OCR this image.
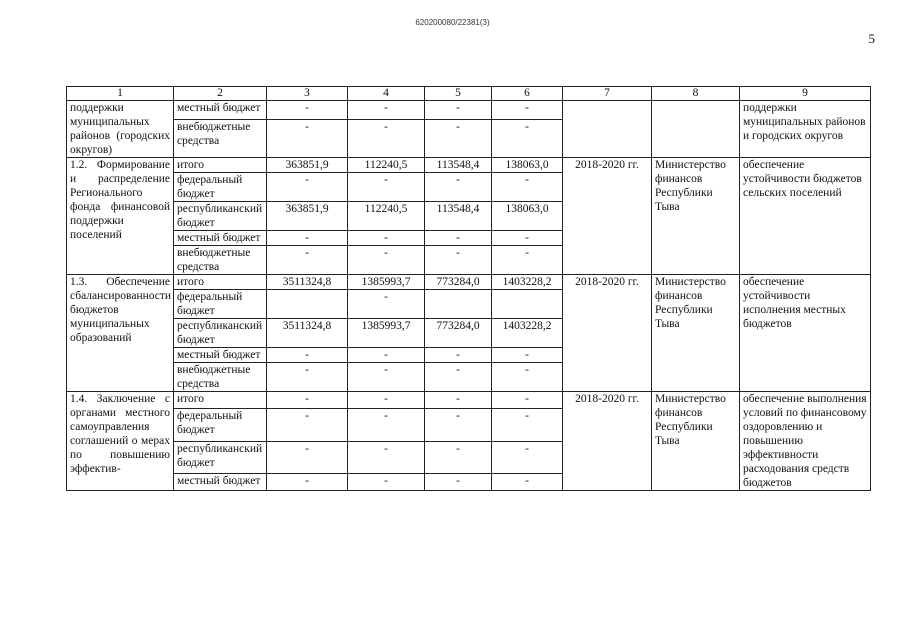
620200080/22381(3)
5
1	2	3	4	5	6	7	8	9
поддержки муниципальных районов (городских округов)	местный бюджет	-	-	-	-			поддержки муниципальных районов и городских округов
	внебюджетные средства	-	-	-	-			
1.2. Формирование и распределение Регионального фонда финансовой поддержки поселений	итого	363851,9	112240,5	113548,4	138063,0	2018-2020 гг.	Министерство финансов Республики Тыва	обеспечение устойчивости бюджетов сельских поселений
	федеральный бюджет	-	-	-	-			
	республиканский бюджет	363851,9	112240,5	113548,4	138063,0			
	местный бюджет	-	-	-	-			
	внебюджетные средства	-	-	-	-			
1.3. Обеспечение сбалансированности бюджетов муниципальных образований	итого	3511324,8	1385993,7	773284,0	1403228,2	2018-2020 гг.	Министерство финансов Республики Тыва	обеспечение устойчивости исполнения местных бюджетов
	федеральный бюджет		-					
	республиканский бюджет	3511324,8	1385993,7	773284,0	1403228,2			
	местный бюджет	-	-	-	-			
	внебюджетные средства	-	-	-	-			
1.4. Заключение с органами местного самоуправления соглашений о мерах по повышению эффектив-	итого	-	-	-	-	2018-2020 гг.	Министерство финансов Республики Тыва	обеспечение выполнения условий по финансовому оздоровлению и повышению эффективности расходования средств бюджетов
	федеральный бюджет	-	-	-	-			
	республиканский бюджет	-	-	-	-			
	местный бюджет	-	-	-	-			
